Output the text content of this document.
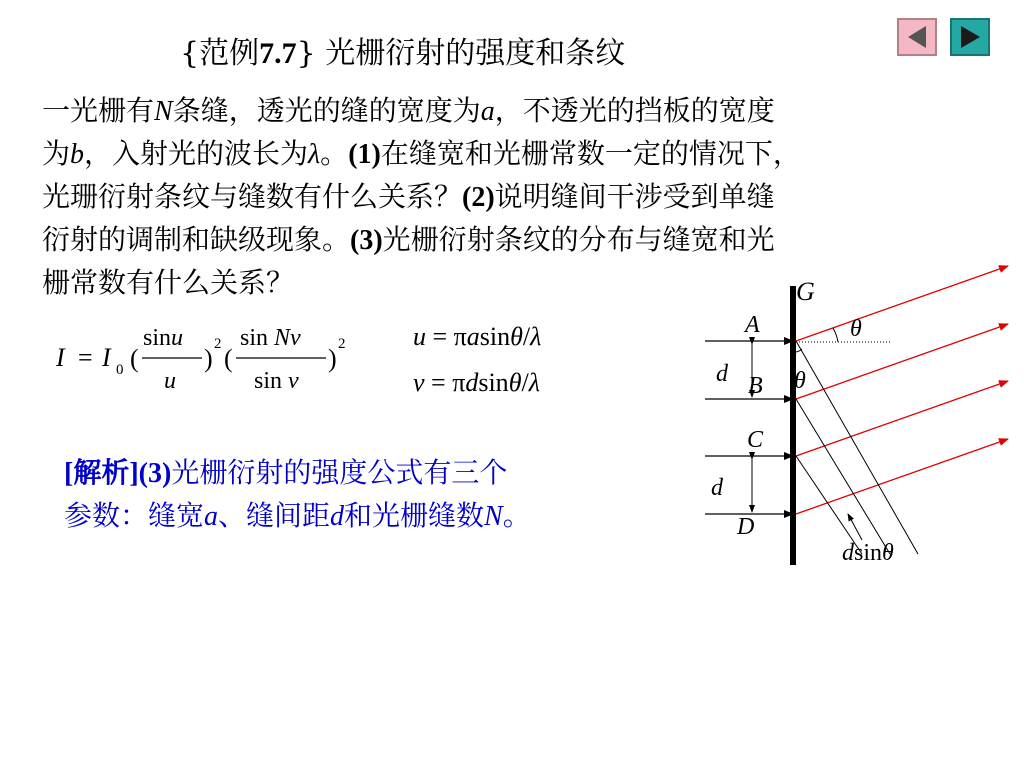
{范例7.7} 光栅衍射的强度和条纹

一光栅有N条缝，透光的缝的宽度为a，不透光的挡板的宽度

为b，入射光的波长为λ。(1)在缝宽和光栅常数一定的情况下，

光珊衍射条纹与缝数有什么关系？(2)说明缝间干涉受到单缝

衍射的调制和缺级现象。(3)光栅衍射条纹的分布与缝宽和光

栅常数有什么关系？

I = I 0 (
sinu
u
) 2 (
sin Nv
sin v
) 2	u = πasinθ/λ
v = πdsinθ/λ

[解析](3)光栅衍射的强度公式有三个

参数：缝宽a、缝间距d和光栅缝数N。

G
A
B
C
D
d
d
θ
θ
dsinθ
